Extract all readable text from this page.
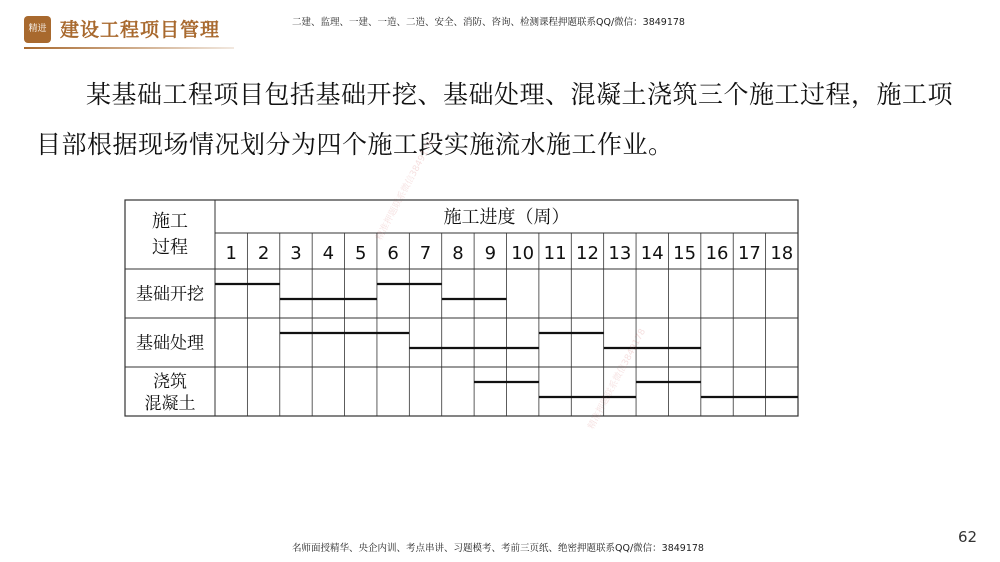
精进 建设工程项目管理	二建、监理、一建、一造、二造、安全、消防、咨询、检测课程押题联系QQ/微信：3849178

某基础工程项目包括基础开挖、基础处理、混凝土浇筑三个施工过程，施工项目部根据现场情况划分为四个施工段实施流水施工作业。

施工
过程
施工进度（周）
1 2 3 4 5 6 7 8 9 10 11 12 13 14 15 16 17 18
基础开挖
基础处理
浇筑
混凝土
精准押题联系微信3849178
精准押题联系微信3849178
名师面授精华、央企内训、考点串讲、习题模考、考前三页纸、绝密押题联系QQ/微信：3849178
62
